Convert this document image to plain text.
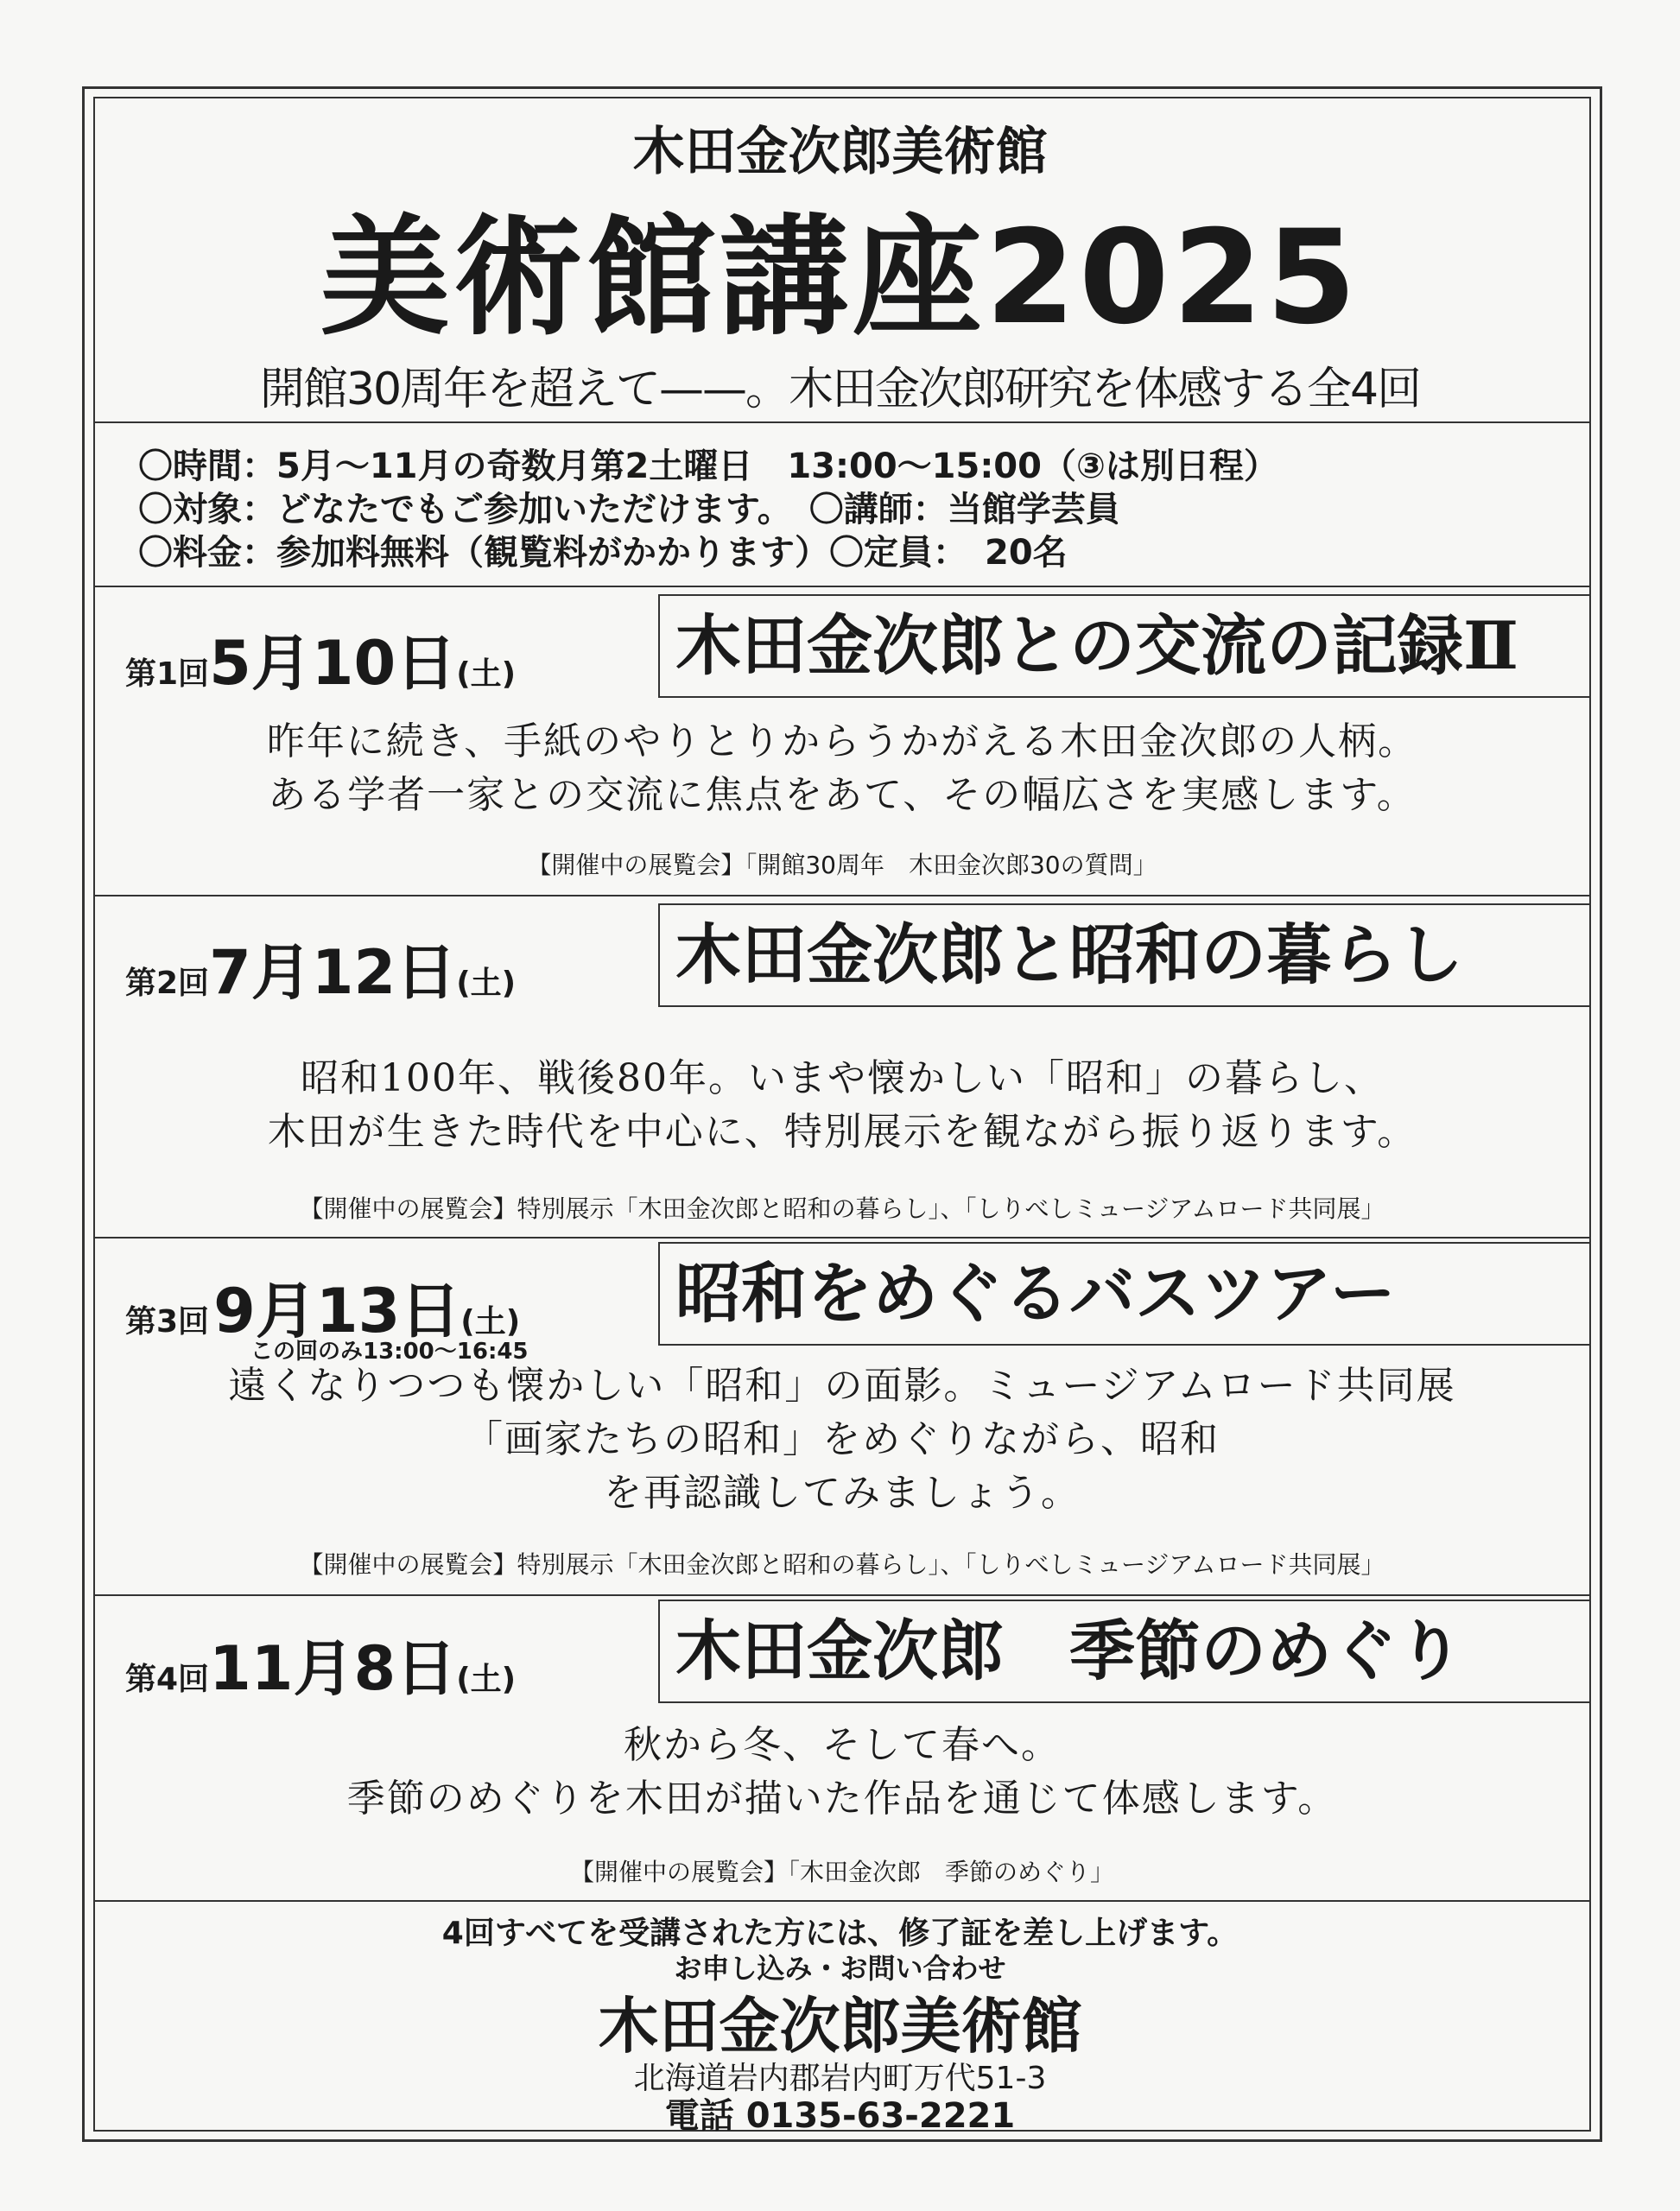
木田金次郎美術館
美術館講座2025
開館30周年を超えて——。木田金次郎研究を体感する全4回
〇時間：5月～11月の奇数月第2土曜日　13:00～15:00（③は別日程）
〇対象：どなたでもご参加いただけます。　〇講師：当館学芸員
〇料金：参加料無料（観覧料がかかります）〇定員：　20名
第1回5月10日(土) 木田金次郎との交流の記録Ⅱ
昨年に続き、手紙のやりとりからうかがえる木田金次郎の人柄。
ある学者一家との交流に焦点をあて、その幅広さを実感します。
【開催中の展覧会】「開館30周年　木田金次郎30の質問」
第2回7月12日(土) 木田金次郎と昭和の暮らし
昭和100年、戦後80年。いまや懐かしい「昭和」の暮らし、
木田が生きた時代を中心に、特別展示を観ながら振り返ります。
【開催中の展覧会】特別展示「木田金次郎と昭和の暮らし」、「しりべしミュージアムロード共同展」
第3回 9月13日(土)
この回のみ13:00～16:45
昭和をめぐるバスツアー
遠くなりつつも懐かしい「昭和」の面影。ミュージアムロード共同展
「画家たちの昭和」をめぐりながら、昭和
を再認識してみましょう。
【開催中の展覧会】特別展示「木田金次郎と昭和の暮らし」、「しりべしミュージアムロード共同展」
第4回11月8日(土) 木田金次郎　季節のめぐり
秋から冬、そして春へ。
季節のめぐりを木田が描いた作品を通じて体感します。
【開催中の展覧会】「木田金次郎　季節のめぐり」
4回すべてを受講された方には、修了証を差し上げます。
お申し込み・お問い合わせ
木田金次郎美術館
北海道岩内郡岩内町万代51-3
電話 0135-63-2221
